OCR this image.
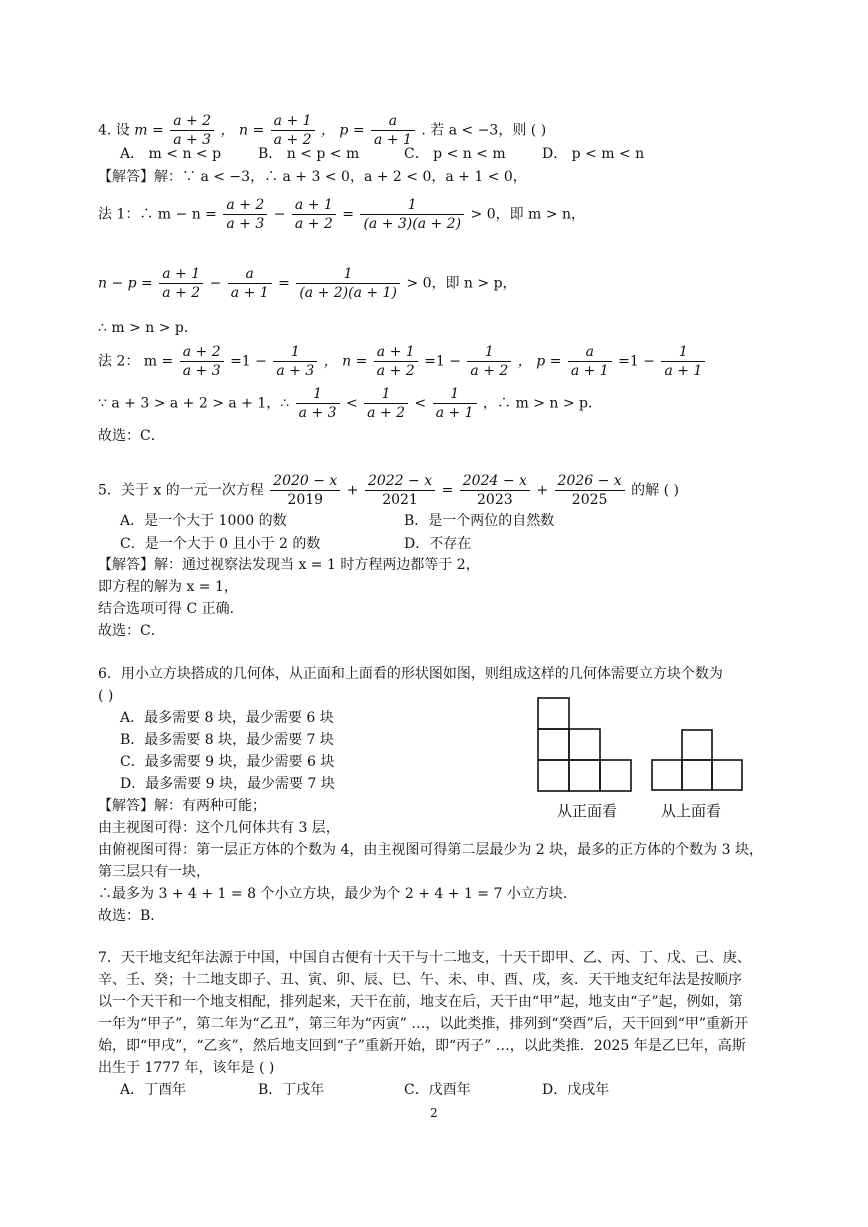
4. 设 $m = \frac{a + 2}{a + 3}$ ， $n = \frac{a + 1}{a + 2}$ ， $p = \frac{a}{a + 1}$ . 若 a < −3，则 ( )
A． m < n < p	B． n < p < m	C． p < n < m	D． p < m < n
【解答】解：∵ a < −3，∴ a + 3 < 0，a + 2 < 0，a + 1 < 0，
法 1：∴ $m - n = \frac{a + 2}{a + 3} - \frac{a + 1}{a + 2} = \frac{1}{(a + 3)(a + 2)} > 0$，即 m > n，
$n - p = \frac{a + 1}{a + 2} - \frac{a}{a + 1} = \frac{1}{(a + 2)(a + 1)} > 0$，即 n > p，
∴ m > n > p．
法 2： $m = \frac{a + 2}{a + 3} =1 - \frac{1}{a + 3}$ ， $n = \frac{a + 1}{a + 2} =1 - \frac{1}{a + 2}$ ， $p = \frac{a}{a + 1} =1 - \frac{1}{a + 1}$
∵ a + 3 > a + 2 > a + 1，∴ $\frac{1}{a + 3} < \frac{1}{a + 2} < \frac{1}{a + 1}$ ，∴ m > n > p．
故选：C．
5．关于 x 的一元一次方程 $\frac{2020 - x}{2019} + \frac{2022 - x}{2021} = \frac{2024 - x}{2023} + \frac{2026 - x}{2025}$ 的解 ( )
A．是一个大于 1000 的数	B．是一个两位的自然数
C．是一个大于 0 且小于 2 的数	D．不存在
【解答】解：通过视察法发现当 x = 1 时方程两边都等于 2，
即方程的解为 x = 1，
结合选项可得 C 正确．
故选：C．
6．用小立方块搭成的几何体，从正面和上面看的形状图如图，则组成这样的几何体需要立方块个数为
( )
A．最多需要 8 块，最少需要 6 块
B．最多需要 8 块，最少需要 7 块
C．最多需要 9 块，最少需要 6 块
D．最多需要 9 块，最少需要 7 块
【解答】解：有两种可能；
由主视图可得：这个几何体共有 3 层，
由俯视图可得：第一层正方体的个数为 4，由主视图可得第二层最少为 2 块，最多的正方体的个数为 3 块，
第三层只有一块，
∴最多为 3 + 4 + 1 = 8 个小立方块，最少为个 2 + 4 + 1 = 7 小立方块．
故选：B．
从正面看	从上面看
7．天干地支纪年法源于中国，中国自古便有十天干与十二地支，十天干即甲、乙、丙、丁、戊、己、庚、
辛、壬、癸；十二地支即子、丑、寅、卯、辰、巳、午、未、申、酉、戌，亥．天干地支纪年法是按顺序
以一个天干和一个地支相配，排列起来，天干在前，地支在后，天干由“甲”起，地支由“子”起，例如，第
一年为“甲子”，第二年为“乙丑”，第三年为“丙寅” …，以此类推，排列到“癸酉”后，天干回到“甲”重新开
始，即“甲戌”，“乙亥”，然后地支回到“子”重新开始，即“丙子” …，以此类推．2025 年是乙巳年，高斯
出生于 1777 年，该年是 ( )
A．丁酉年	B．丁戌年	C．戊酉年	D．戊戌年
2
